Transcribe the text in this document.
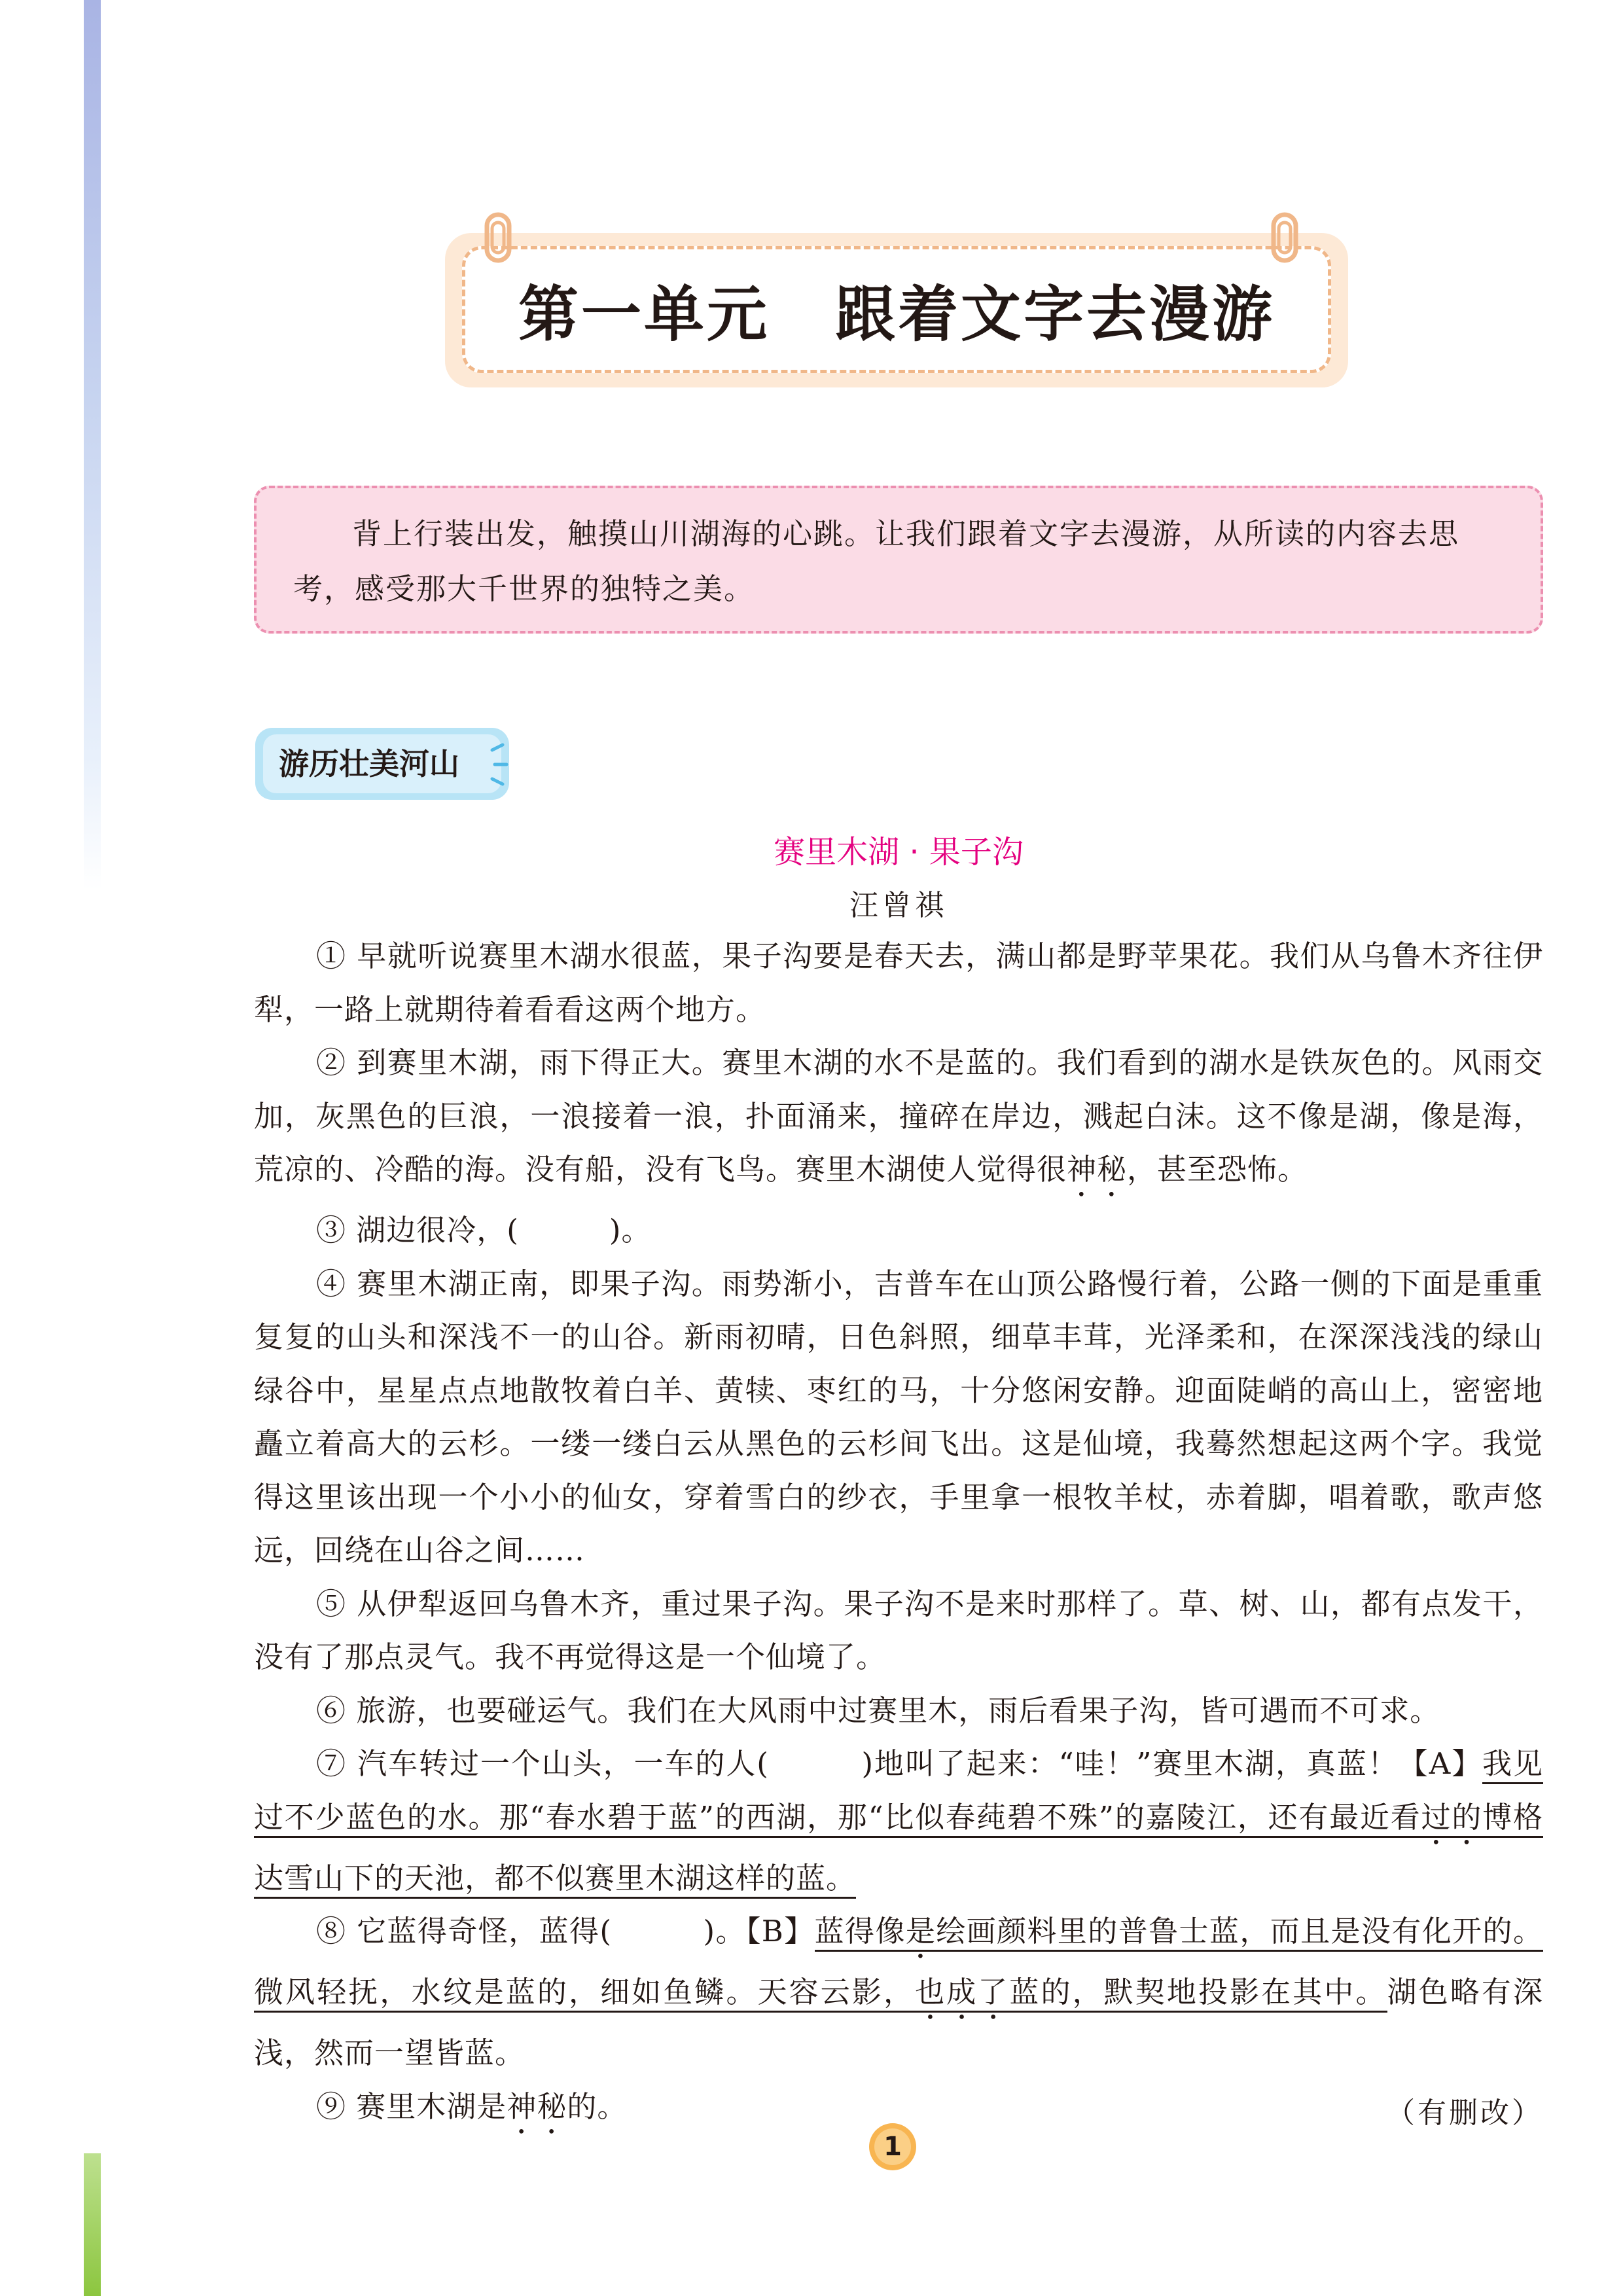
第一单元 跟着文字去漫游
背上行装出发，触摸山川湖海的心跳。让我们跟着文字去漫游，从所读的内容去思考，感受那大千世界的独特之美。
游历壮美河山
赛里木湖 · 果子沟
汪曾祺

① 早就听说赛里木湖水很蓝，果子沟要是春天去，满山都是野苹果花。我们从乌鲁木齐往伊犁，一路上就期待着看看这两个地方。

② 到赛里木湖，雨下得正大。赛里木湖的水不是蓝的。我们看到的湖水是铁灰色的。风雨交加，灰黑色的巨浪，一浪接着一浪，扑面涌来，撞碎在岸边，溅起白沫。这不像是湖，像是海，荒凉的、冷酷的海。没有船，没有飞鸟。赛里木湖使人觉得很神秘，甚至恐怖。

③ 湖边很冷，(　　　)。

④ 赛里木湖正南，即果子沟。雨势渐小，吉普车在山顶公路慢行着，公路一侧的下面是重重复复的山头和深浅不一的山谷。新雨初晴，日色斜照，细草丰茸，光泽柔和，在深深浅浅的绿山绿谷中，星星点点地散牧着白羊、黄犊、枣红的马，十分悠闲安静。迎面陡峭的高山上，密密地矗立着高大的云杉。一缕一缕白云从黑色的云杉间飞出。这是仙境，我蓦然想起这两个字。我觉得这里该出现一个小小的仙女，穿着雪白的纱衣，手里拿一根牧羊杖，赤着脚，唱着歌，歌声悠远，回绕在山谷之间……

⑤ 从伊犁返回乌鲁木齐，重过果子沟。果子沟不是来时那样了。草、树、山，都有点发干，没有了那点灵气。我不再觉得这是一个仙境了。

⑥ 旅游，也要碰运气。我们在大风雨中过赛里木，雨后看果子沟，皆可遇而不可求。

⑦ 汽车转过一个山头，一车的人(　　　)地叫了起来：“哇！”赛里木湖，真蓝！【A】我见过不少蓝色的水。那“春水碧于蓝”的西湖，那“比似春莼碧不殊”的嘉陵江，还有最近看过的博格达雪山下的天池，都不似赛里木湖这样的蓝。

⑧ 它蓝得奇怪，蓝得(　　　)。【B】蓝得像是绘画颜料里的普鲁士蓝，而且是没有化开的。微风轻抚，水纹是蓝的，细如鱼鳞。天容云影，也成了蓝的，默契地投影在其中。湖色略有深浅，然而一望皆蓝。

⑨ 赛里木湖是神秘的。	（有删改）
1
